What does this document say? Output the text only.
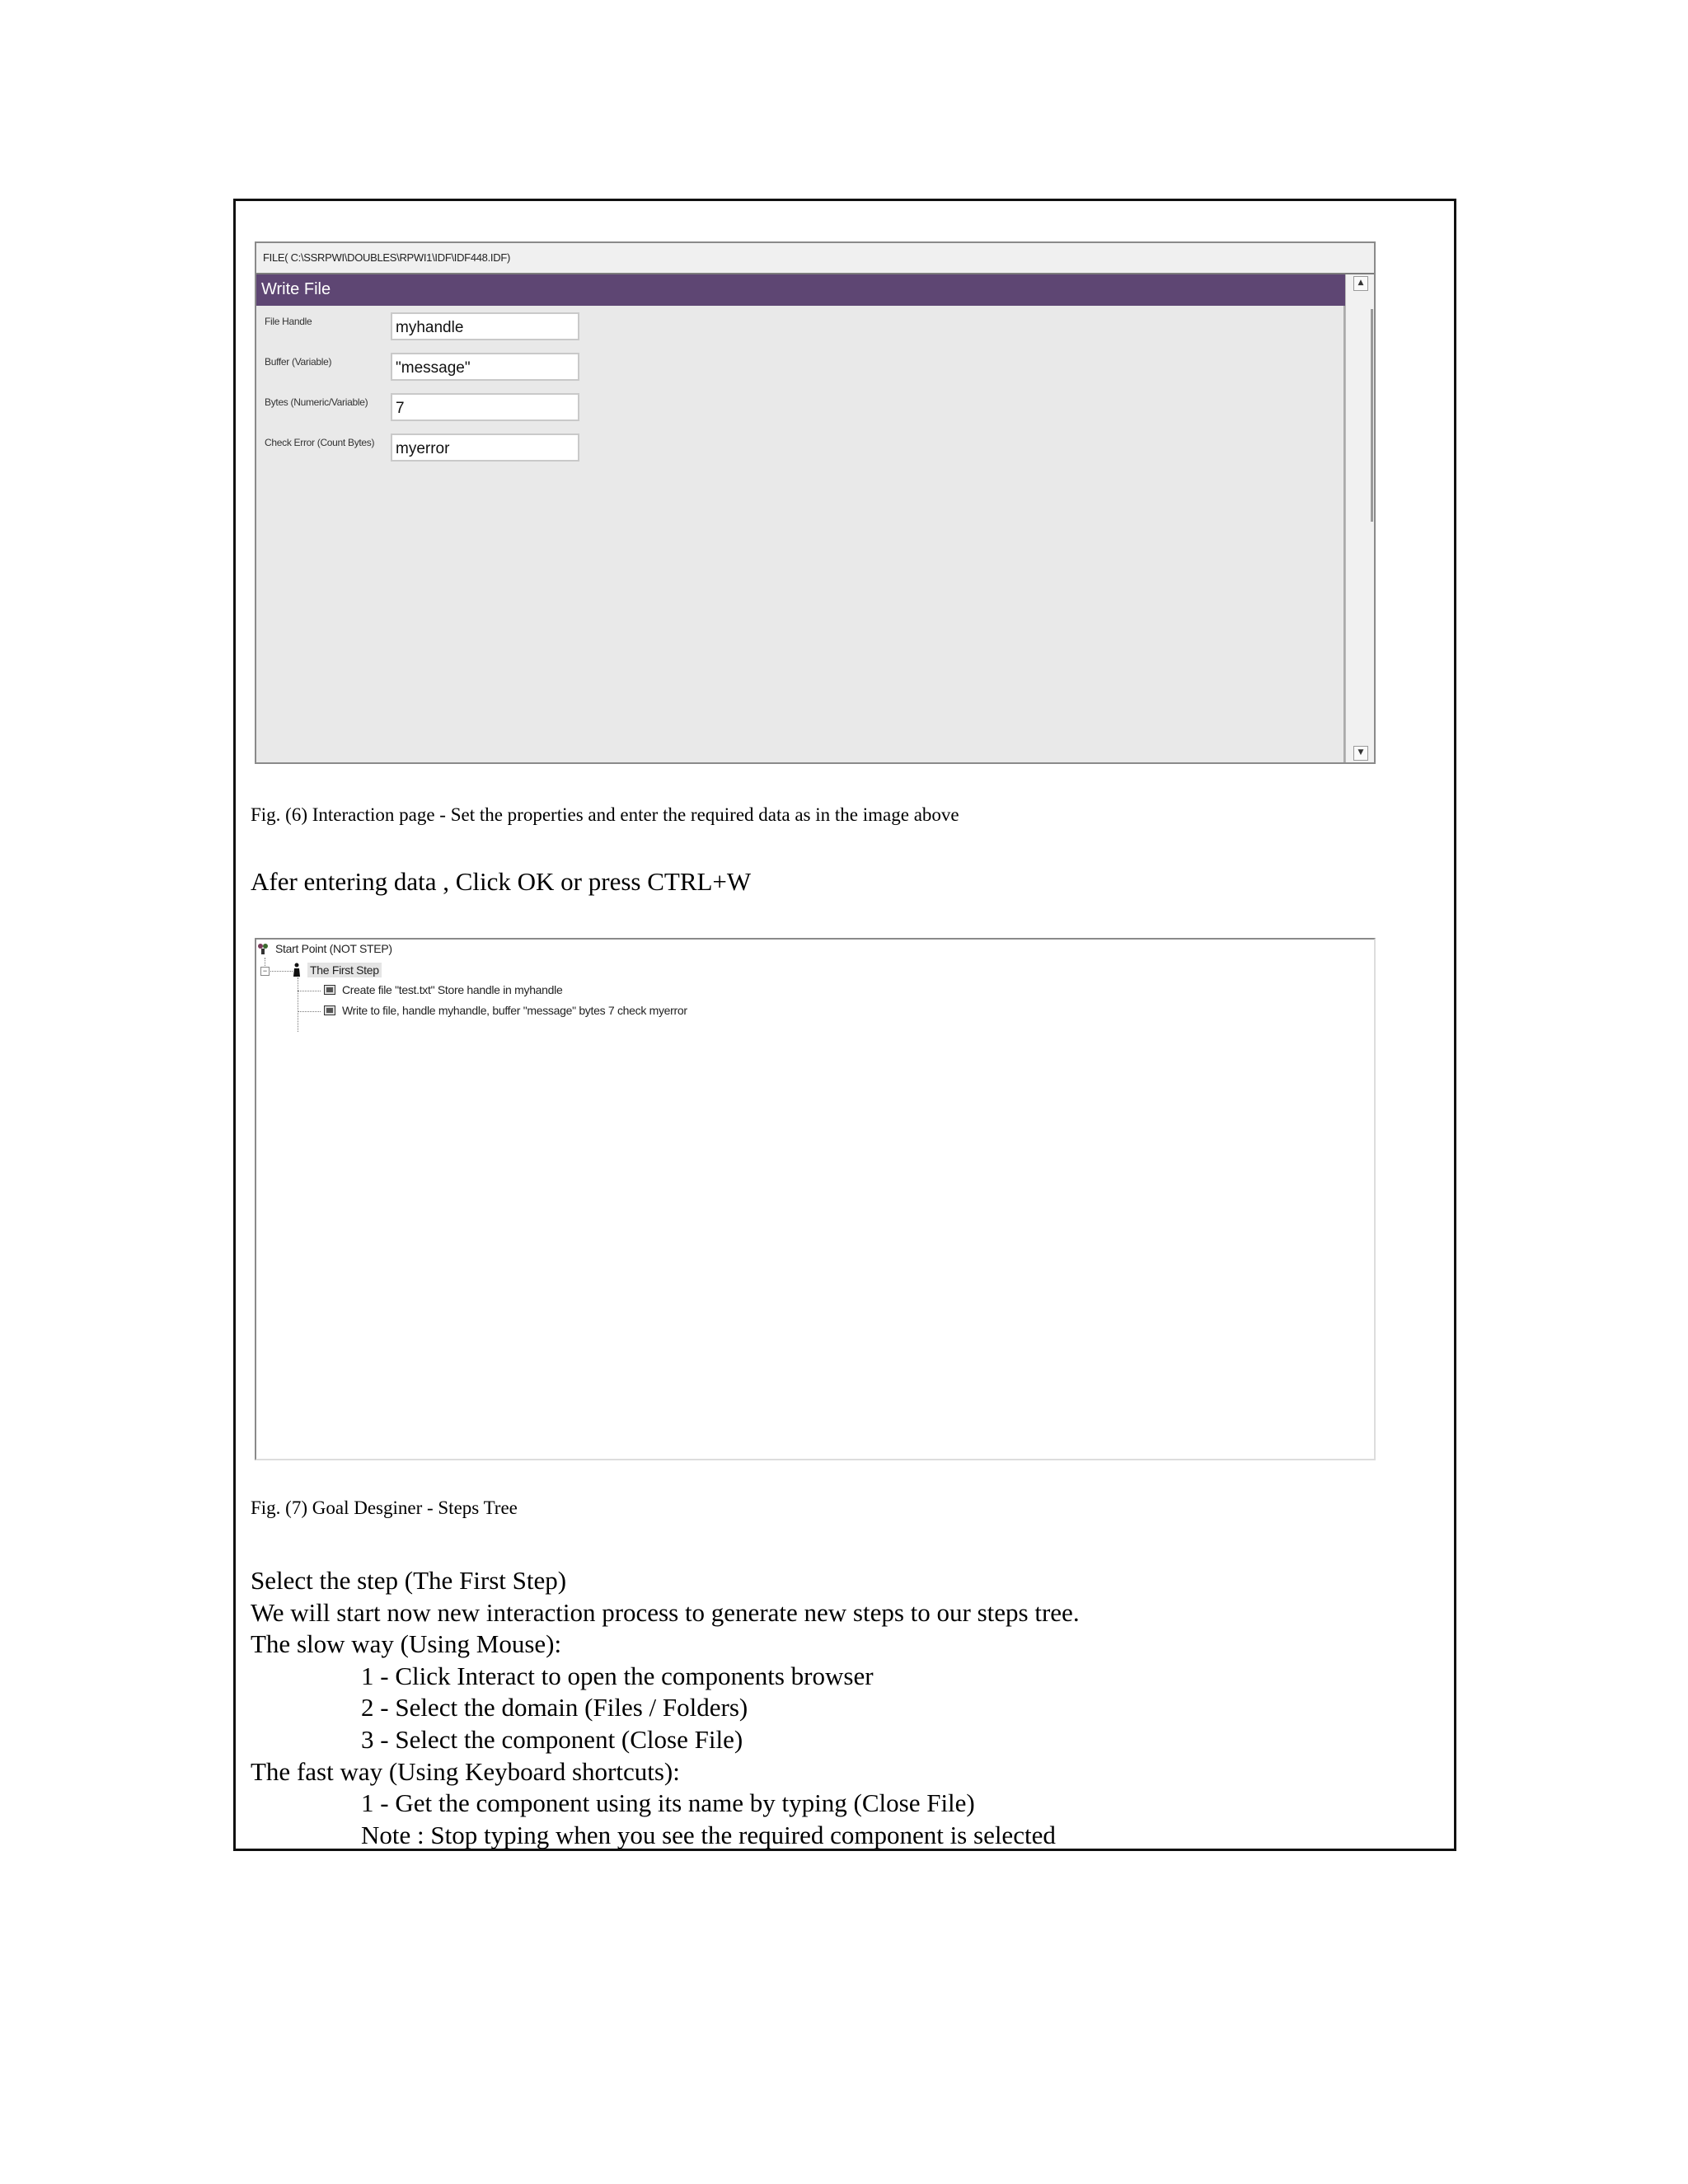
FILE( C:\SSRPWI\DOUBLES\RPWI1\IDF\IDF448.IDF)
Write File
File Handle	myhandle
Buffer (Variable)	"message"
Bytes (Numeric/Variable)	7
Check Error (Count Bytes)	myerror
▲
▼
Fig. (6) Interaction page - Set the properties and enter the required data as in the image above
Afer entering data , Click OK or press CTRL+W
−
Start Point (NOT STEP)
The First Step
Create file "test.txt" Store handle in myhandle
Write to file, handle myhandle, buffer "message" bytes 7 check myerror
Fig. (7) Goal Desginer - Steps Tree
Select the step (The First Step)
We will start now new interaction process to generate new steps to our steps tree.
The slow way (Using Mouse):
1 - Click Interact to open the components browser
2 - Select the domain (Files / Folders)
3 - Select the component (Close File)
The fast way (Using Keyboard shortcuts):
1 - Get the component using its name by typing (Close File)
Note : Stop typing when you see the required component is selected
